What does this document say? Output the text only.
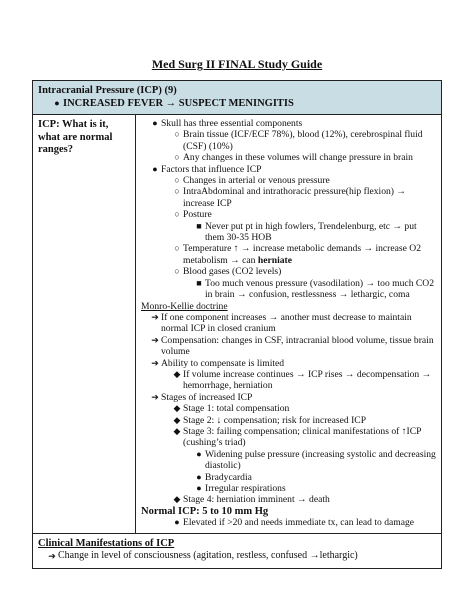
Med Surg II FINAL Study Guide
Intracranial Pressure (ICP) (9)
● INCREASED FEVER → SUSPECT MENINGITIS
ICP: What is it,
what are normal
ranges?
● Skull has three essential components
○ Brain tissue (ICF/ECF 78%), blood (12%), cerebrospinal fluid (CSF) (10%)
○ Any changes in these volumes will change pressure in brain
● Factors that influence ICP
○ Changes in arterial or venous pressure
○ IntraAbdominal and intrathoracic pressure(hip flexion) → increase ICP
○ Posture
■ Never put pt in high fowlers, Trendelenburg, etc → put them 30-35 HOB
○ Temperature ↑ → increase metabolic demands → increase O2 metabolism → can herniate
○ Blood gases (CO2 levels)
■ Too much venous pressure (vasodilation) → too much CO2 in brain → confusion, restlessness → lethargic, coma
Monro-Kellie doctrine
➔ If one component increases → another must decrease to maintain normal ICP in closed cranium
➔ Compensation: changes in CSF, intracranial blood volume, tissue brain volume
➔ Ability to compensate is limited
◆ If volume increase continues → ICP rises → decompensation → hemorrhage, herniation
➔ Stages of increased ICP
◆ Stage 1: total compensation
◆ Stage 2: ↓ compensation; risk for increased ICP
◆ Stage 3: failing compensation; clinical manifestations of ↑ICP (cushing’s triad)
● Widening pulse pressure (increasing systolic and decreasing diastolic)
● Bradycardia
● Irregular respirations
◆ Stage 4: herniation imminent → death
Normal ICP: 5 to 10 mm Hg
● Elevated if >20 and needs immediate tx, can lead to damage
Clinical Manifestations of ICP
➔ Change in level of consciousness (agitation, restless, confused →lethargic)
